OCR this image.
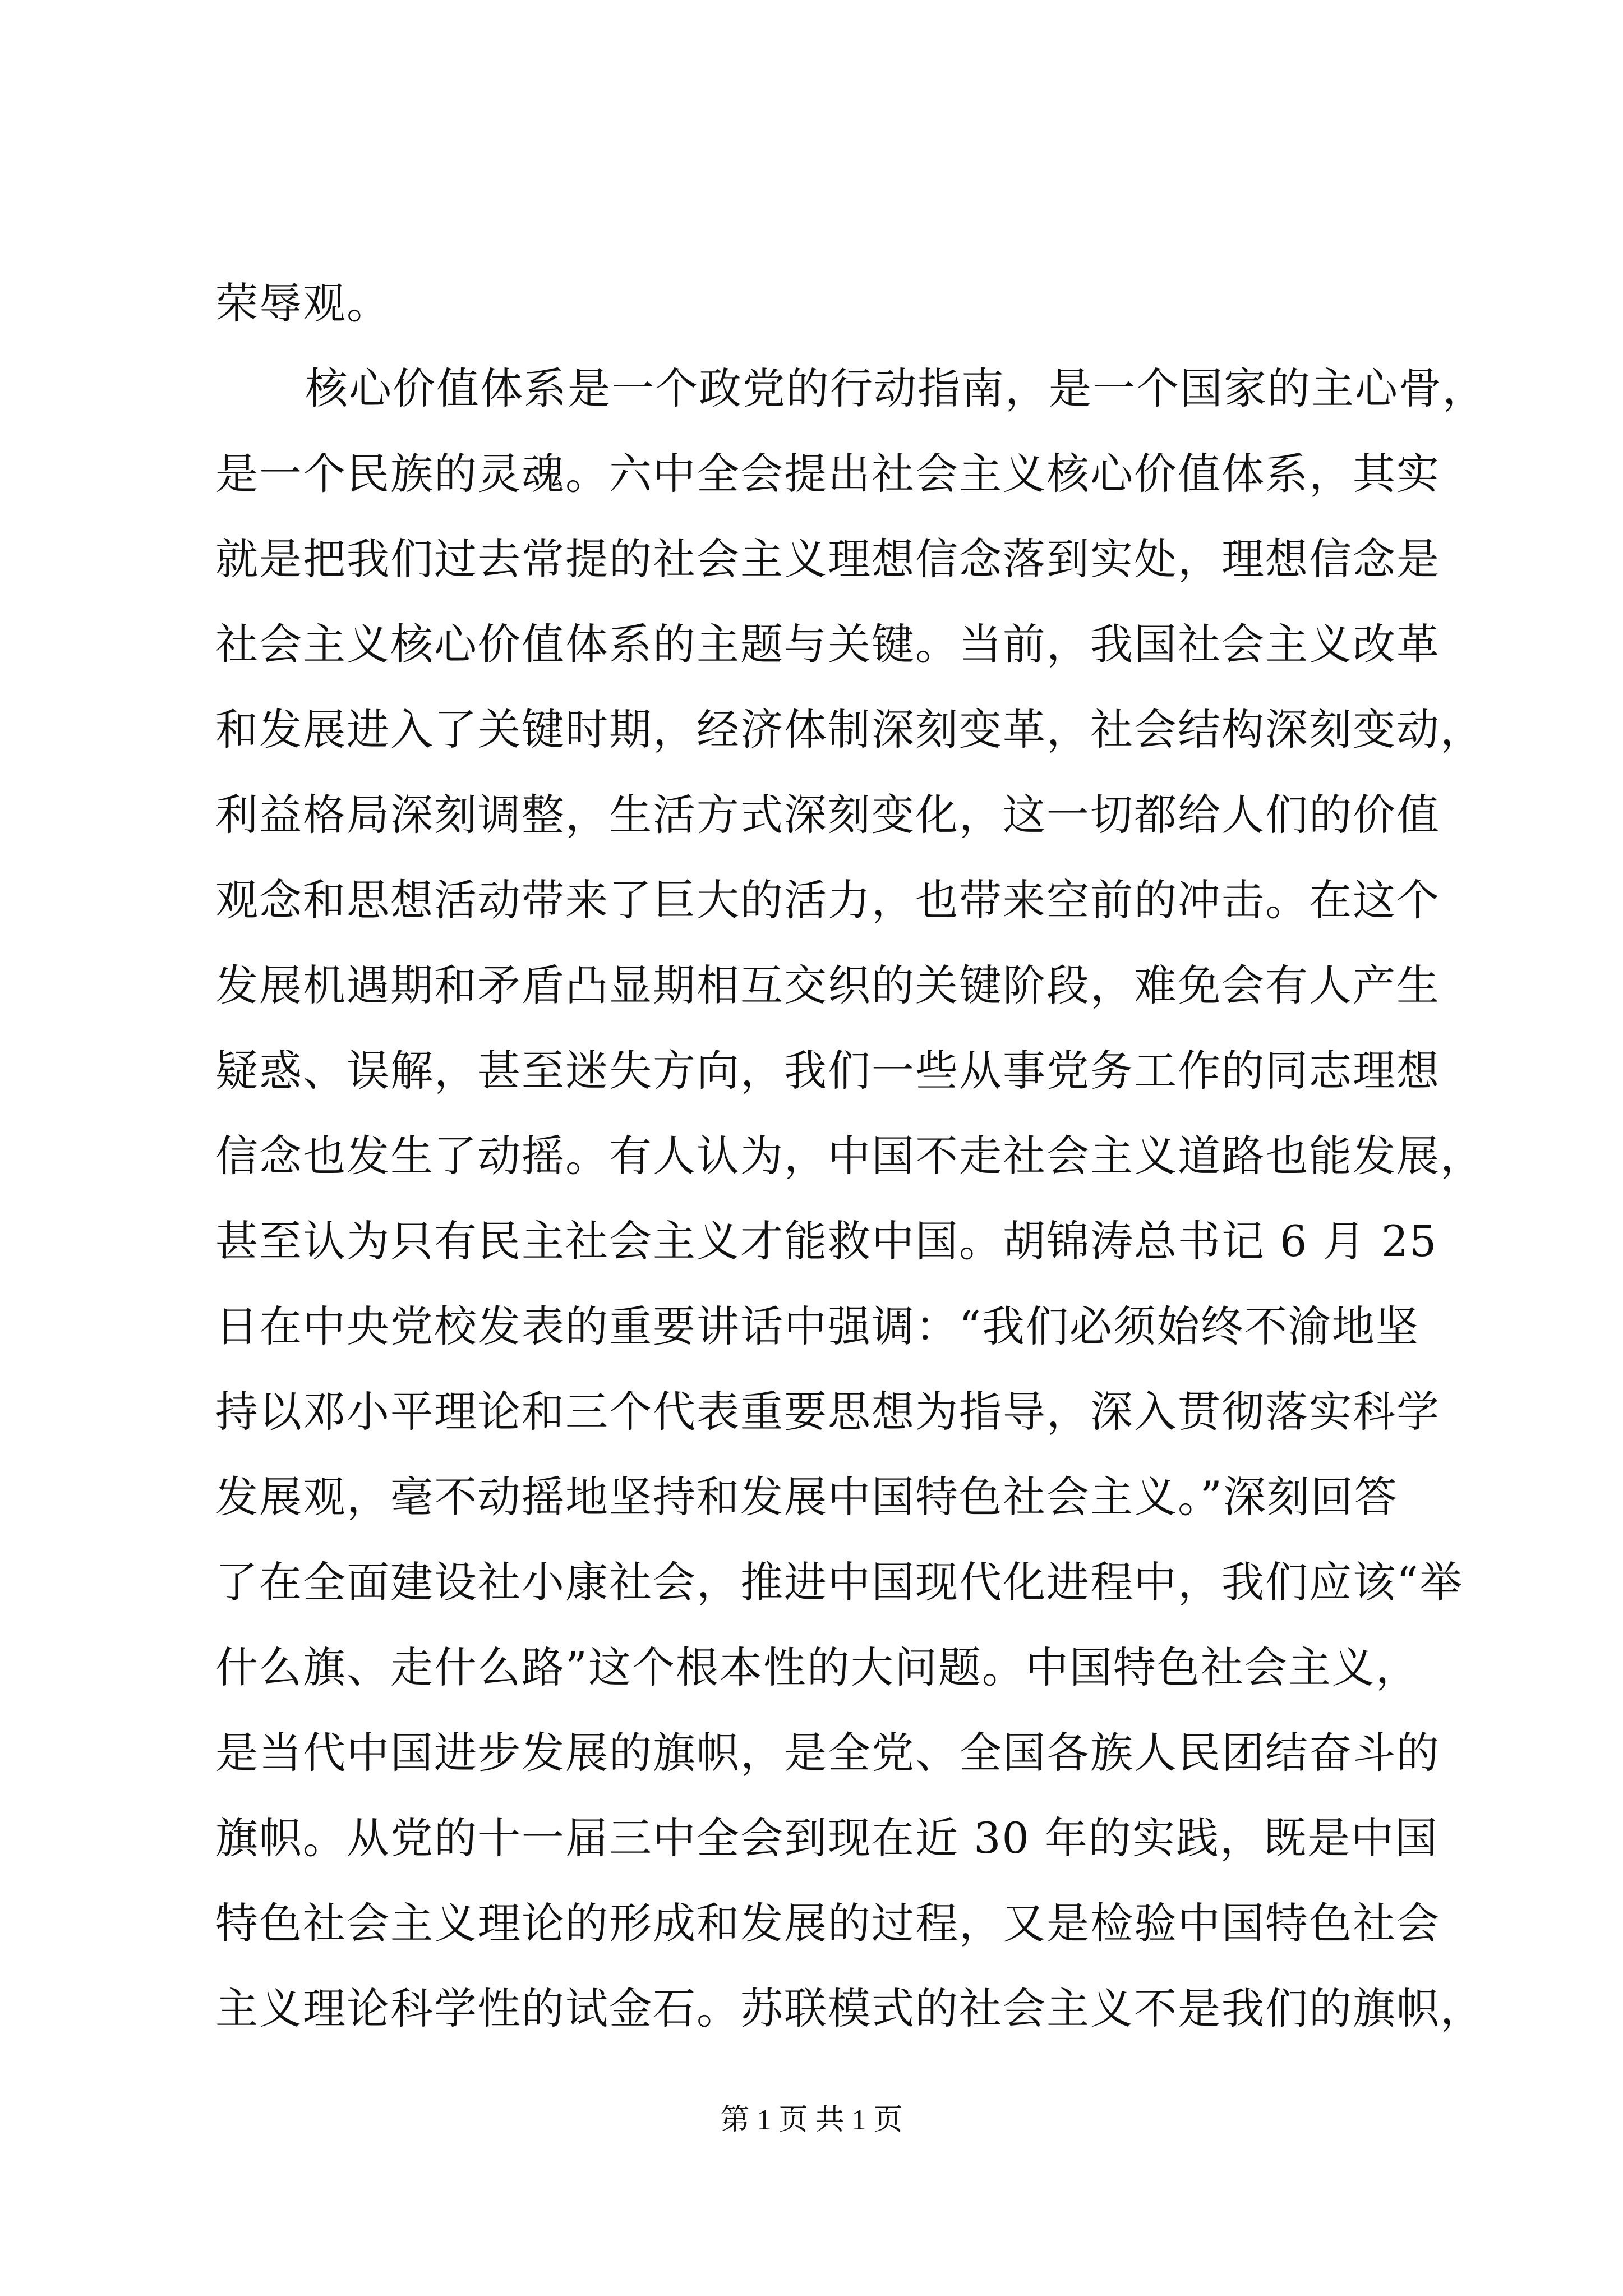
荣辱观。
核心价值体系是一个政党的行动指南，是一个国家的主心骨，
是一个民族的灵魂。六中全会提出社会主义核心价值体系，其实
就是把我们过去常提的社会主义理想信念落到实处，理想信念是
社会主义核心价值体系的主题与关键。当前，我国社会主义改革
和发展进入了关键时期，经济体制深刻变革，社会结构深刻变动，
利益格局深刻调整，生活方式深刻变化，这一切都给人们的价值
观念和思想活动带来了巨大的活力，也带来空前的冲击。在这个
发展机遇期和矛盾凸显期相互交织的关键阶段，难免会有人产生
疑惑、误解，甚至迷失方向，我们一些从事党务工作的同志理想
信念也发生了动摇。有人认为，中国不走社会主义道路也能发展，
甚至认为只有民主社会主义才能救中国。胡锦涛总书记 6 月 25
日在中央党校发表的重要讲话中强调：“我们必须始终不渝地坚
持以邓小平理论和三个代表重要思想为指导，深入贯彻落实科学
发展观，毫不动摇地坚持和发展中国特色社会主义。”深刻回答
了在全面建设社小康社会，推进中国现代化进程中，我们应该“举
什么旗、走什么路”这个根本性的大问题。中国特色社会主义，
是当代中国进步发展的旗帜，是全党、全国各族人民团结奋斗的
旗帜。从党的十一届三中全会到现在近 30 年的实践，既是中国
特色社会主义理论的形成和发展的过程，又是检验中国特色社会
主义理论科学性的试金石。苏联模式的社会主义不是我们的旗帜，
第 1 页 共 1 页
